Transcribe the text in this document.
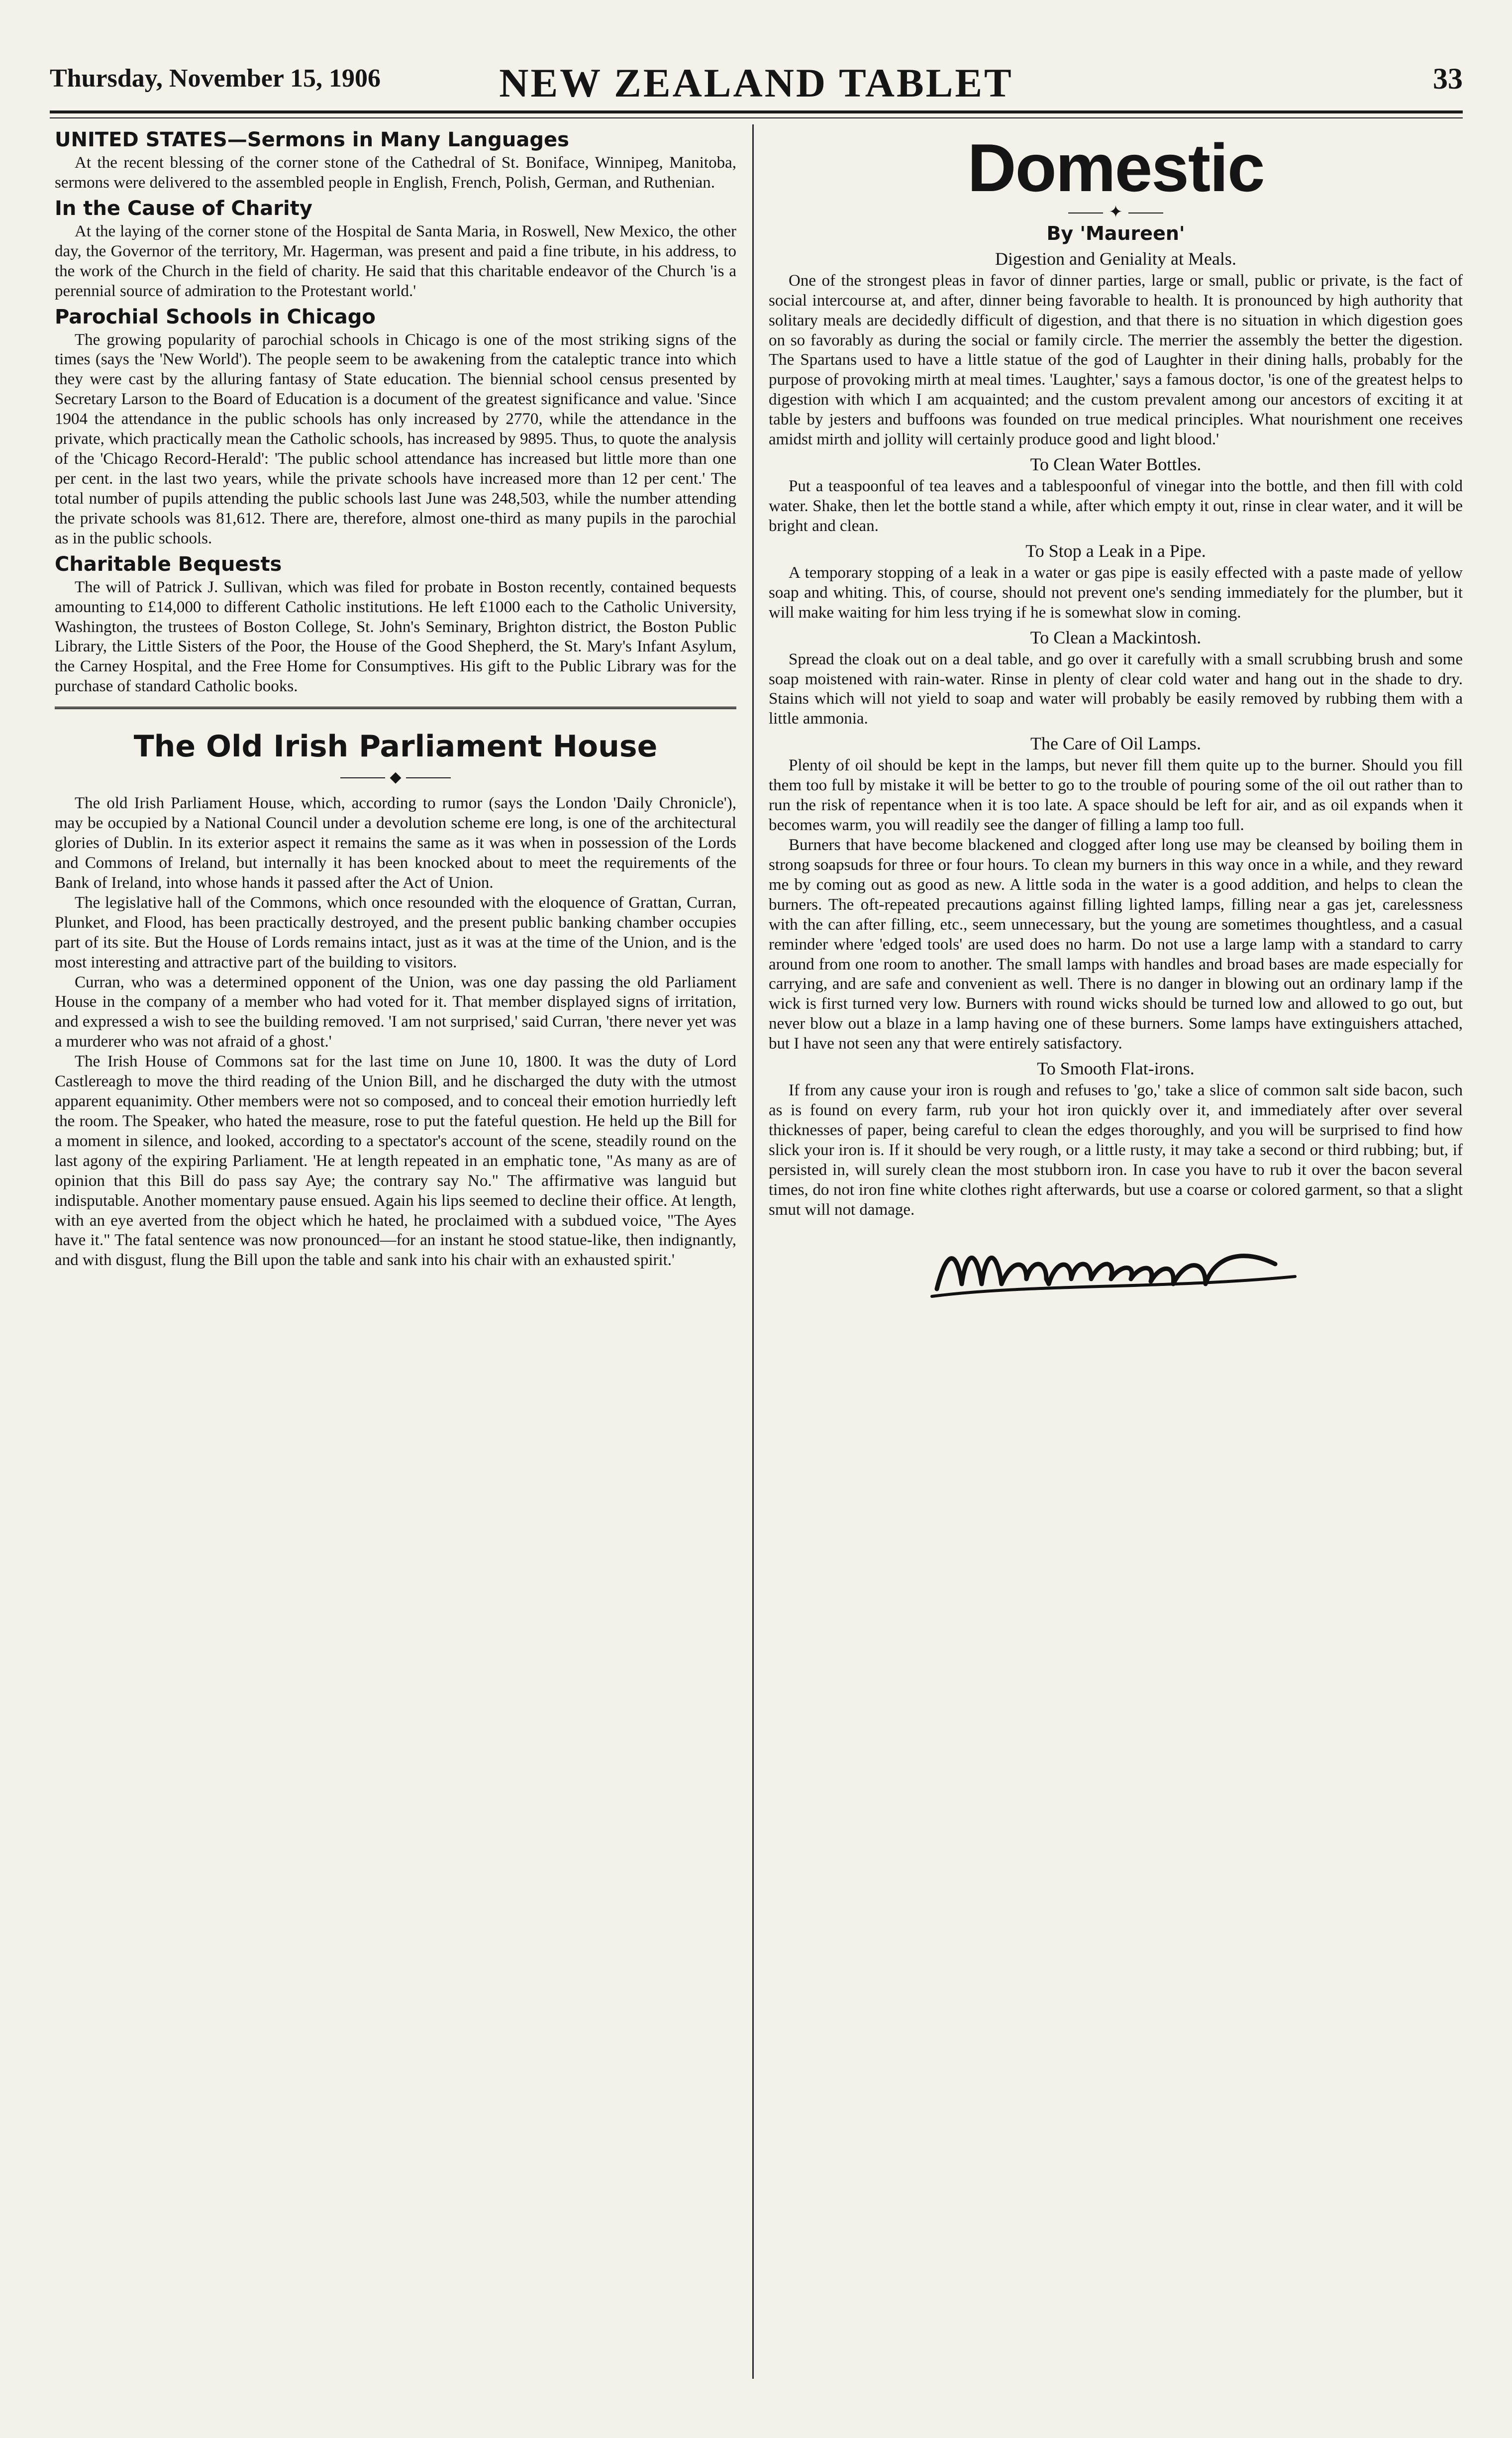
Thursday, November 15, 1906	NEW ZEALAND TABLET	33
UNITED STATES—Sermons in Many Languages

At the recent blessing of the corner stone of the Cathedral of St. Boniface, Winnipeg, Manitoba, sermons were delivered to the assembled people in English, French, Polish, German, and Ruthenian.

In the Cause of Charity

At the laying of the corner stone of the Hospital de Santa Maria, in Roswell, New Mexico, the other day, the Governor of the territory, Mr. Hagerman, was present and paid a fine tribute, in his address, to the work of the Church in the field of charity. He said that this charitable endeavor of the Church 'is a perennial source of admiration to the Protestant world.'

Parochial Schools in Chicago

The growing popularity of parochial schools in Chicago is one of the most striking signs of the times (says the 'New World'). The people seem to be awakening from the cataleptic trance into which they were cast by the alluring fantasy of State education. The biennial school census presented by Secretary Larson to the Board of Education is a document of the greatest significance and value. 'Since 1904 the attendance in the public schools has only increased by 2770, while the attendance in the private, which practically mean the Catholic schools, has increased by 9895. Thus, to quote the analysis of the 'Chicago Record-Herald': 'The public school attendance has increased but little more than one per cent. in the last two years, while the private schools have increased more than 12 per cent.' The total number of pupils attending the public schools last June was 248,503, while the number attending the private schools was 81,612. There are, therefore, almost one-third as many pupils in the parochial as in the public schools.

Charitable Bequests

The will of Patrick J. Sullivan, which was filed for probate in Boston recently, contained bequests amounting to £14,000 to different Catholic institutions. He left £1000 each to the Catholic University, Washington, the trustees of Boston College, St. John's Seminary, Brighton district, the Boston Public Library, the Little Sisters of the Poor, the House of the Good Shepherd, the St. Mary's Infant Asylum, the Carney Hospital, and the Free Home for Consumptives. His gift to the Public Library was for the purchase of standard Catholic books.

The Old Irish Parliament House
◆

The old Irish Parliament House, which, according to rumor (says the London 'Daily Chronicle'), may be occupied by a National Council under a devolution scheme ere long, is one of the architectural glories of Dublin. In its exterior aspect it remains the same as it was when in possession of the Lords and Commons of Ireland, but internally it has been knocked about to meet the requirements of the Bank of Ireland, into whose hands it passed after the Act of Union.

The legislative hall of the Commons, which once resounded with the eloquence of Grattan, Curran, Plunket, and Flood, has been practically destroyed, and the present public banking chamber occupies part of its site. But the House of Lords remains intact, just as it was at the time of the Union, and is the most interesting and attractive part of the building to visitors.

Curran, who was a determined opponent of the Union, was one day passing the old Parliament House in the company of a member who had voted for it. That member displayed signs of irritation, and expressed a wish to see the building removed. 'I am not surprised,' said Curran, 'there never yet was a murderer who was not afraid of a ghost.'

The Irish House of Commons sat for the last time on June 10, 1800. It was the duty of Lord Castlereagh to move the third reading of the Union Bill, and he discharged the duty with the utmost apparent equanimity. Other members were not so composed, and to conceal their emotion hurriedly left the room. The Speaker, who hated the measure, rose to put the fateful question. He held up the Bill for a moment in silence, and looked, according to a spectator's account of the scene, steadily round on the last agony of the expiring Parliament. 'He at length repeated in an emphatic tone, "As many as are of opinion that this Bill do pass say Aye; the contrary say No." The affirmative was languid but indisputable. Another momentary pause ensued. Again his lips seemed to decline their office. At length, with an eye averted from the object which he hated, he proclaimed with a subdued voice, "The Ayes have it." The fatal sentence was now pronounced—for an instant he stood statue-like, then indignantly, and with disgust, flung the Bill upon the table and sank into his chair with an exhausted spirit.'

Domestic
✦
By 'Maureen'
Digestion and Geniality at Meals.

One of the strongest pleas in favor of dinner parties, large or small, public or private, is the fact of social intercourse at, and after, dinner being favorable to health. It is pronounced by high authority that solitary meals are decidedly difficult of digestion, and that there is no situation in which digestion goes on so favorably as during the social or family circle. The merrier the assembly the better the digestion. The Spartans used to have a little statue of the god of Laughter in their dining halls, probably for the purpose of provoking mirth at meal times. 'Laughter,' says a famous doctor, 'is one of the greatest helps to digestion with which I am acquainted; and the custom prevalent among our ancestors of exciting it at table by jesters and buffoons was founded on true medical principles. What nourishment one receives amidst mirth and jollity will certainly produce good and light blood.'

To Clean Water Bottles.

Put a teaspoonful of tea leaves and a tablespoonful of vinegar into the bottle, and then fill with cold water. Shake, then let the bottle stand a while, after which empty it out, rinse in clear water, and it will be bright and clean.

To Stop a Leak in a Pipe.

A temporary stopping of a leak in a water or gas pipe is easily effected with a paste made of yellow soap and whiting. This, of course, should not prevent one's sending immediately for the plumber, but it will make waiting for him less trying if he is somewhat slow in coming.

To Clean a Mackintosh.

Spread the cloak out on a deal table, and go over it carefully with a small scrubbing brush and some soap moistened with rain-water. Rinse in plenty of clear cold water and hang out in the shade to dry. Stains which will not yield to soap and water will probably be easily removed by rubbing them with a little ammonia.

The Care of Oil Lamps.

Plenty of oil should be kept in the lamps, but never fill them quite up to the burner. Should you fill them too full by mistake it will be better to go to the trouble of pouring some of the oil out rather than to run the risk of repentance when it is too late. A space should be left for air, and as oil expands when it becomes warm, you will readily see the danger of filling a lamp too full.

Burners that have become blackened and clogged after long use may be cleansed by boiling them in strong soapsuds for three or four hours. To clean my burners in this way once in a while, and they reward me by coming out as good as new. A little soda in the water is a good addition, and helps to clean the burners. The oft-repeated precautions against filling lighted lamps, filling near a gas jet, carelessness with the can after filling, etc., seem unnecessary, but the young are sometimes thoughtless, and a casual reminder where 'edged tools' are used does no harm. Do not use a large lamp with a standard to carry around from one room to another. The small lamps with handles and broad bases are made especially for carrying, and are safe and convenient as well. There is no danger in blowing out an ordinary lamp if the wick is first turned very low. Burners with round wicks should be turned low and allowed to go out, but never blow out a blaze in a lamp having one of these burners. Some lamps have extinguishers attached, but I have not seen any that were entirely satisfactory.

To Smooth Flat-irons.

If from any cause your iron is rough and refuses to 'go,' take a slice of common salt side bacon, such as is found on every farm, rub your hot iron quickly over it, and immediately after over several thicknesses of paper, being careful to clean the edges thoroughly, and you will be surprised to find how slick your iron is. If it should be very rough, or a little rusty, it may take a second or third rubbing; but, if persisted in, will surely clean the most stubborn iron. In case you have to rub it over the bacon several times, do not iron fine white clothes right afterwards, but use a coarse or colored garment, so that a slight smut will not damage.
